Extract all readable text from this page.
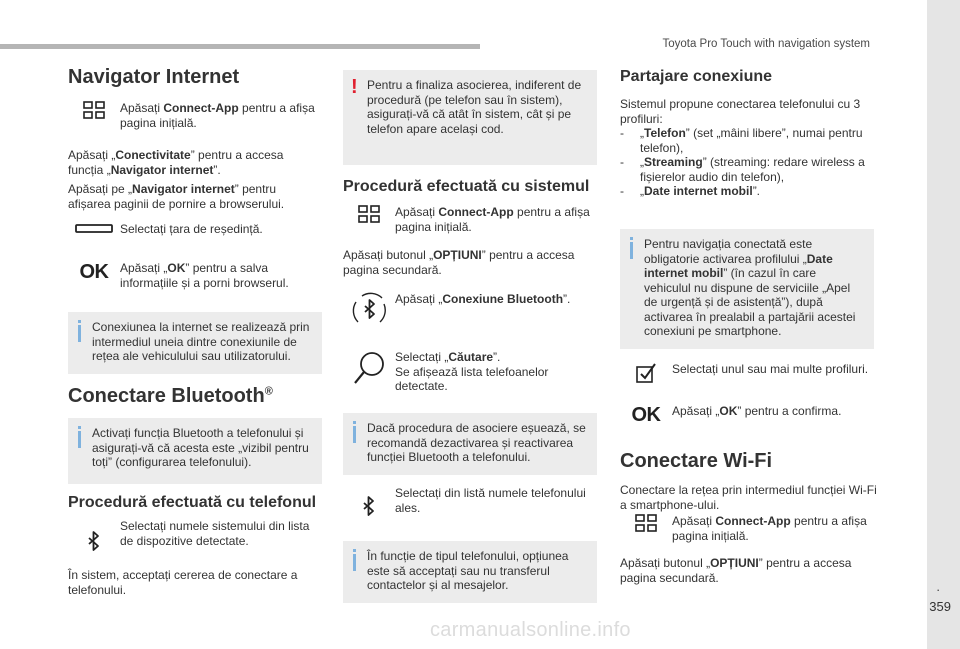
Toyota Pro Touch with navigation system
.
359
carmanualsonline.info
Navigator Internet
Apăsați Connect-App pentru a afișa pagina inițială.

Apăsați „Conectivitate” pentru a accesa funcția „Navigator internet”.

Apăsați pe „Navigator internet” pentru afișarea paginii de pornire a browserului.

Selectați țara de reședință.
OK Apăsați „OK” pentru a salva informațiile și a porni browserul.
Conexiunea la internet se realizează prin intermediul uneia dintre conexiunile de rețea ale vehiculului sau utilizatorului.
Conectare Bluetooth®
Activați funcția Bluetooth a telefonului și asigurați-vă că acesta este „vizibil pentru toți” (configurarea telefonului).
Procedură efectuată cu telefonul
Selectați numele sistemului din lista de dispozitive detectate.

În sistem, acceptați cererea de conectare a telefonului.

! Pentru a finaliza asocierea, indiferent de procedură (pe telefon sau în sistem), asigurați-vă că atât în sistem, cât și pe telefon apare același cod.
Procedură efectuată cu sistemul
Apăsați Connect-App pentru a afișa pagina inițială.

Apăsați butonul „OPȚIUNI” pentru a accesa pagina secundară.

Apăsați „Conexiune Bluetooth”.
Selectați „Căutare”.
Se afișează lista telefoanelor detectate.
Dacă procedura de asociere eșuează, se recomandă dezactivarea și reactivarea funcției Bluetooth a telefonului.
Selectați din listă numele telefonului ales.
În funcție de tipul telefonului, opțiunea este să acceptați sau nu transferul contactelor și al mesajelor.
Partajare conexiune

Sistemul propune conectarea telefonului cu 3 profiluri:

-	„Telefon” (set „mâini libere”, numai pentru telefon),
-	„Streaming” (streaming: redare wireless a fișierelor audio din telefon),
-	„Date internet mobil”.
Pentru navigația conectată este obligatorie activarea profilului „Date internet mobil” (în cazul în care vehiculul nu dispune de serviciile „Apel de urgență și de asistență”), după activarea în prealabil a partajării acestei conexiuni pe smartphone.
Selectați unul sau mai multe profiluri.
OK Apăsați „OK” pentru a confirma.
Conectare Wi-Fi

Conectare la rețea prin intermediul funcției Wi-Fi a smartphone-ului.

Apăsați Connect-App pentru a afișa pagina inițială.

Apăsați butonul „OPȚIUNI” pentru a accesa pagina secundară.
